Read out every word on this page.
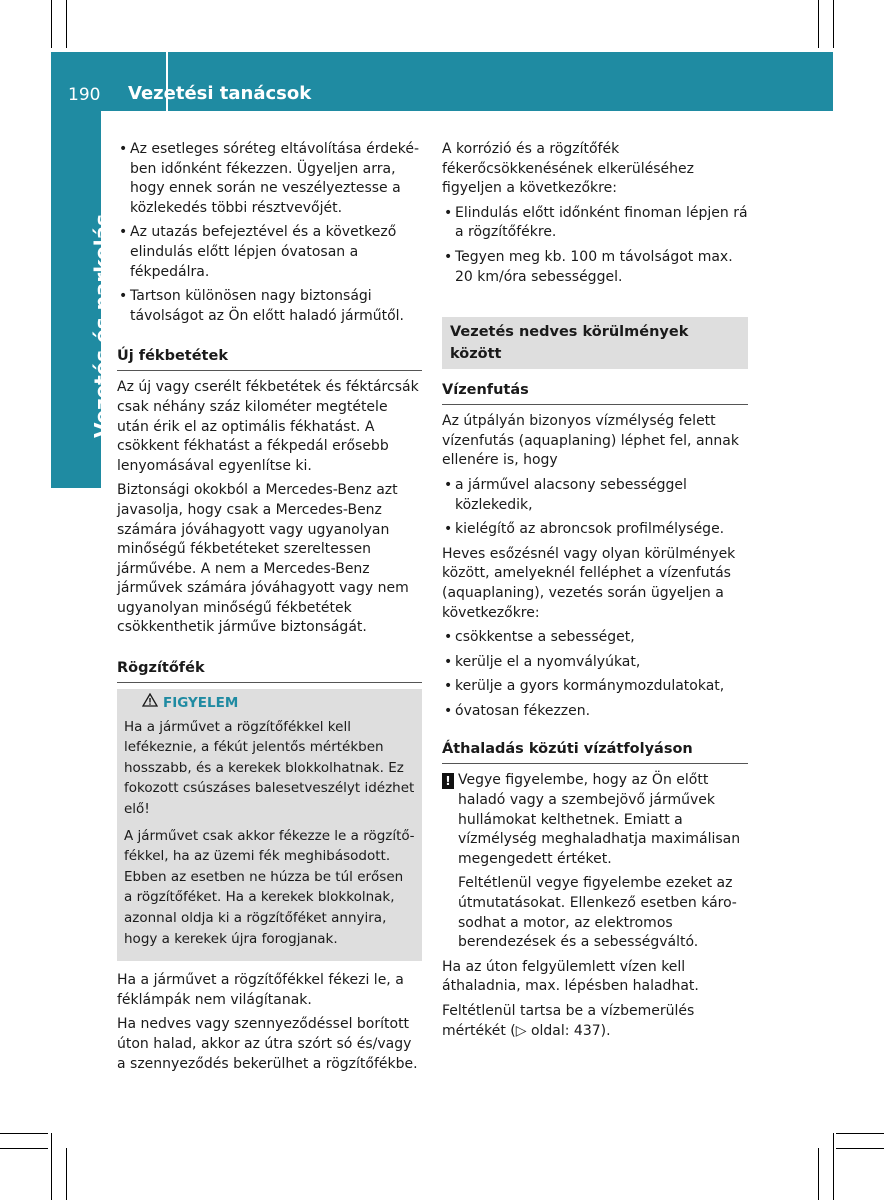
190 Vezetési tanácsok
Vezetés és parkolás
• Az esetleges sóréteg eltávolítása érdekében időnként fékezzen. Ügyeljen arra, hogy ennek során ne veszélyeztesse a közlekedés többi résztvevőjét.
• Az utazás befejeztével és a következő elindulás előtt lépjen óvatosan a fékpedálra.
• Tartson különösen nagy biztonsági távolságot az Ön előtt haladó járműtől.
Új fékbetétek

Az új vagy cserélt fékbetétek és féktárcsák csak néhány száz kilométer megtétele után érik el az optimális fékhatást. A csökkent fékhatást a fékpedál erősebb lenyomásával egyenlítse ki.

Biztonsági okokból a Mercedes-Benz azt javasolja, hogy csak a Mercedes-Benz számára jóváhagyott vagy ugyanolyan minőségű fékbetéteket szereltessen járművébe. A nem a Mercedes-Benz járművek számára jóváhagyott vagy nem ugyanolyan minőségű fékbetétek csökkenthetik járműve biztonságát.

Rögzítőfék
FIGYELEM

Ha a járművet a rögzítőfékkel kell lefékeznie, a fékút jelentős mértékben hosszabb, és a kerekek blokkolhatnak. Ez fokozott csúszáses balesetveszélyt idézhet elő!

A járművet csak akkor fékezze le a rögzítőfékkel, ha az üzemi fék meghibásodott. Ebben az esetben ne húzza be túl erősen a rögzítőféket. Ha a kerekek blokkolnak, azonnal oldja ki a rögzítőféket annyira, hogy a kerekek újra forogjanak.

Ha a járművet a rögzítőfékkel fékezi le, a féklámpák nem világítanak.

Ha nedves vagy szennyeződéssel borított úton halad, akkor az útra szórt só és/vagy a szennyeződés bekerülhet a rögzítőfékbe.

A korrózió és a rögzítőfék fékerőcsökkenésének elkerüléséhez figyeljen a következőkre:

• Elindulás előtt időnként finoman lépjen rá a rögzítőfékre.
• Tegyen meg kb. 100 m távolságot max. 20 km/óra sebességgel.
Vezetés nedves körülmények között
Vízenfutás

Az útpályán bizonyos vízmélység felett vízenfutás (aquaplaning) léphet fel, annak ellenére is, hogy

• a járművel alacsony sebességgel közlekedik,
• kielégítő az abroncsok profilmélysége.

Heves esőzésnél vagy olyan körülmények között, amelyeknél felléphet a vízenfutás (aquaplaning), vezetés során ügyeljen a következőkre:

• csökkentse a sebességet,
• kerülje el a nyomvályúkat,
• kerülje a gyors kormánymozdulatokat,
• óvatosan fékezzen.
Áthaladás közúti vízátfolyáson
! Vegye figyelembe, hogy az Ön előtt haladó vagy a szembejövő járművek hullámokat kelthetnek. Emiatt a vízmélység meghaladhatja maximálisan megengedett értéket.

Feltétlenül vegye figyelembe ezeket az útmutatásokat. Ellenkező esetben károsodhat a motor, az elektromos berendezések és a sebességváltó.

Ha az úton felgyülemlett vízen kell áthaladnia, max. lépésben haladhat.

Feltétlenül tartsa be a vízbemerülés mértékét (▷ oldal: 437).
